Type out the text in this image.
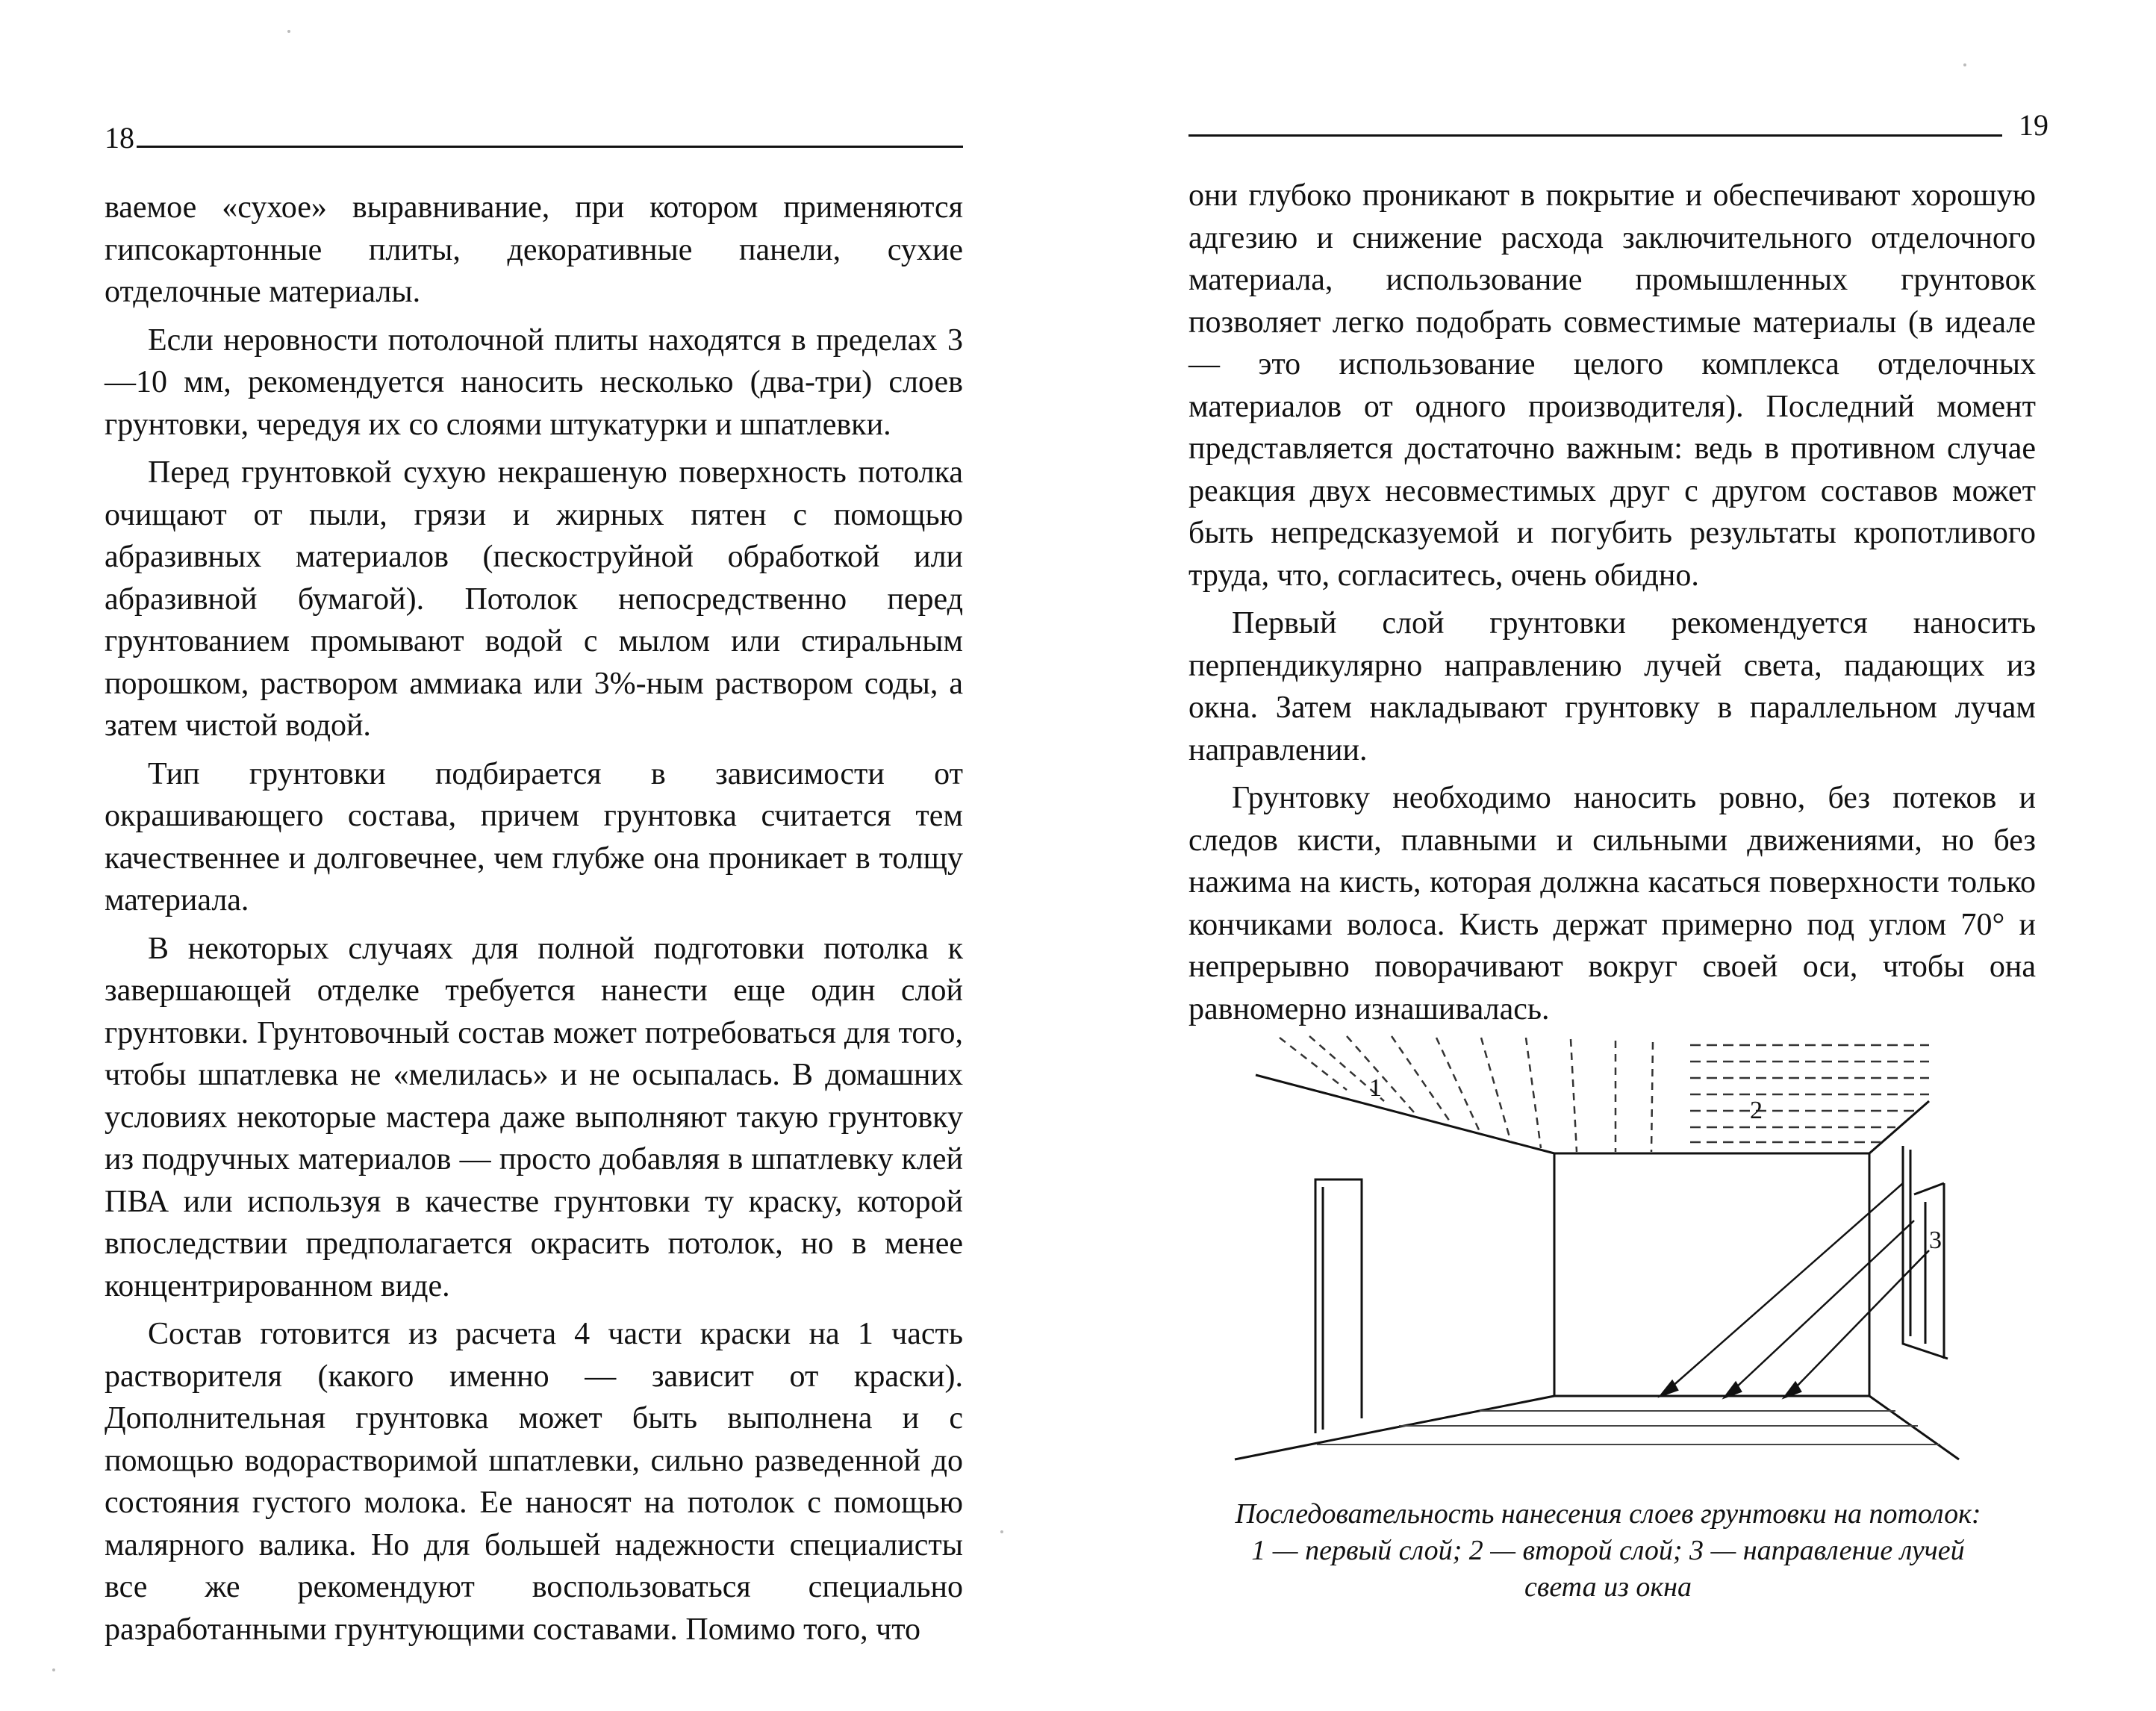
18

ваемое «сухое» выравнивание, при котором применяются гипсокартонные плиты, декоративные панели, сухие отделочные материалы.

Если неровности потолочной плиты находятся в пределах 3—10 мм, рекомендуется наносить несколько (два-три) слоев грунтовки, чередуя их со слоями штукатурки и шпатлевки.

Перед грунтовкой сухую некрашеную поверхность потолка очищают от пыли, грязи и жирных пятен с помощью абразивных материалов (пескоструйной обработкой или абразивной бумагой). Потолок непосредственно перед грунтованием промывают водой с мылом или стиральным порошком, раствором аммиака или 3%-ным раствором соды, а затем чистой водой.

Тип грунтовки подбирается в зависимости от окрашивающего состава, причем грунтовка считается тем качественнее и долговечнее, чем глубже она проникает в толщу материала.

В некоторых случаях для полной подготовки потолка к завершающей отделке требуется нанести еще один слой грунтовки. Грунтовочный состав может потребоваться для того, чтобы шпатлевка не «мелилась» и не осыпалась. В домашних условиях некоторые мастера даже выполняют такую грунтовку из подручных материалов — просто добавляя в шпатлевку клей ПВА или используя в качестве грунтовки ту краску, которой впоследствии предполагается окрасить потолок, но в менее концентрированном виде.

Состав готовится из расчета 4 части краски на 1 часть растворителя (какого именно — зависит от краски). Дополнительная грунтовка может быть выполнена и с помощью водорастворимой шпатлевки, сильно разведенной до состояния густого молока. Ее наносят на потолок с помощью малярного валика. Но для большей надежности специалисты все же рекомендуют воспользоваться специально разработанными грунтующими составами. Помимо того, что

19

они глубоко проникают в покрытие и обеспечивают хорошую адгезию и снижение расхода заключительного отделочного материала, использование промышленных грунтовок позволяет легко подобрать совместимые материалы (в идеале — это использование целого комплекса отделочных материалов от одного производителя). Последний момент представляется достаточно важным: ведь в противном случае реакция двух несовместимых друг с другом составов может быть непредсказуемой и погубить результаты кропотливого труда, что, согласитесь, очень обидно.

Первый слой грунтовки рекомендуется наносить перпендикулярно направлению лучей света, падающих из окна. Затем накладывают грунтовку в параллельном лучам направлении.

Грунтовку необходимо наносить ровно, без потеков и следов кисти, плавными и сильными движениями, но без нажима на кисть, которая должна касаться поверхности только кончиками волоса. Кисть держат примерно под углом 70° и непрерывно поворачивают вокруг своей оси, чтобы она равномерно изнашивалась.

1
2
3
Последовательность нанесения слоев грунтовки на потолок:
1 — первый слой; 2 — второй слой; 3 — направление лучей
света из окна
